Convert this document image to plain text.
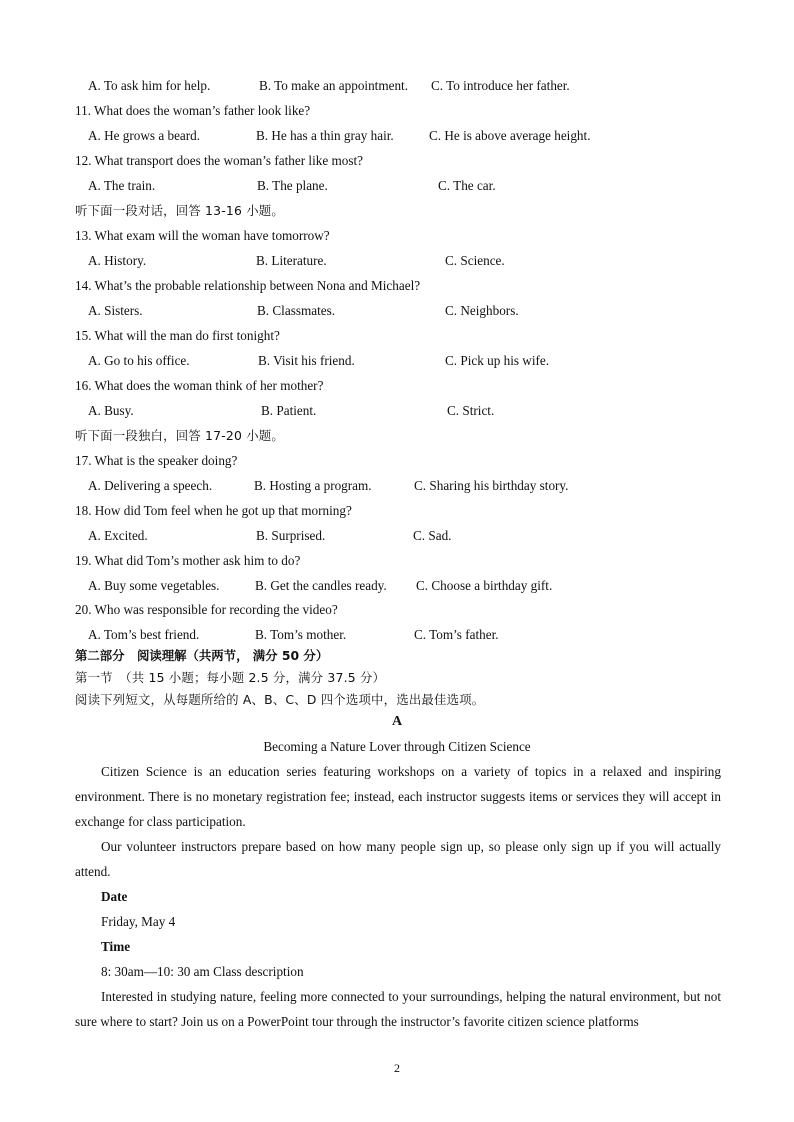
A. To ask him for help.	B. To make an appointment. C. To introduce her father.
11. What does the woman’s father look like?
A. He grows a beard.	B. He has a thin gray hair.	C. He is above average height.
12. What transport does the woman’s father like most?
A. The train.	B. The plane.	C. The car.
听下面一段对话，回答 13-16 小题。
13. What exam will the woman have tomorrow?
A. History.	B. Literature.	C. Science.
14. What’s the probable relationship between Nona and Michael?
A. Sisters.	B. Classmates.	C. Neighbors.
15. What will the man do first tonight?
A. Go to his office.	B. Visit his friend.	C. Pick up his wife.
16. What does the woman think of her mother?
A. Busy.	B. Patient.	C. Strict.
听下面一段独白，回答 17-20 小题。
17. What is the speaker doing?
A. Delivering a speech.	B. Hosting a program.	C. Sharing his birthday story.
18. How did Tom feel when he got up that morning?
A. Excited.	B. Surprised.	C. Sad.
19. What did Tom’s mother ask him to do?
A. Buy some vegetables.	B. Get the candles ready. C. Choose a birthday gift.
20. Who was responsible for recording the video?
A. Tom’s best friend.	B. Tom’s mother.	C. Tom’s father.
第二部分　阅读理解（共两节， 满分 50 分）
第一节　（共 15 小题；每小题 2.5 分，满分 37.5 分）
阅读下列短文，从每题所给的 A、B、C、D 四个选项中，选出最佳选项。
A
Becoming a Nature Lover through Citizen Science
Citizen Science is an education series featuring workshops on a variety of topics in a relaxed and inspiring environment. There is no monetary registration fee; instead, each instructor suggests items or services they will accept in exchange for class participation.
Our volunteer instructors prepare based on how many people sign up, so please only sign up if you will actually attend.
Date
Friday, May 4
Time
8: 30am—10: 30 am Class description
Interested in studying nature, feeling more connected to your surroundings, helping the natural environment, but not sure where to start? Join us on a PowerPoint tour through the instructor’s favorite citizen science platforms
2
